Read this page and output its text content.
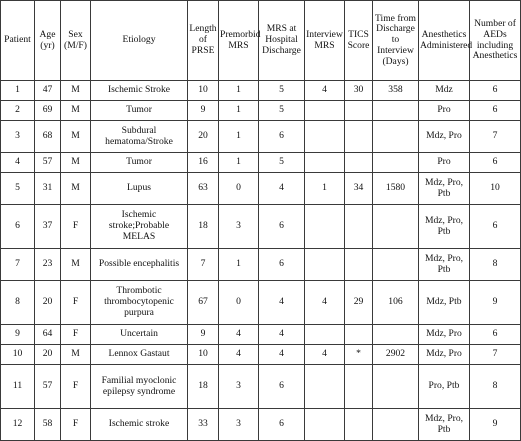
Patient	Age (yr)	Sex (M/F)	Etiology	Length of PRSE	Premorbid MRS	MRS at Hospital Discharge	Interview MRS	TICS Score	Time from Discharge to Interview (Days)	Anesthetics Administered	Number of AEDs including Anesthetics
1	47	M	Ischemic Stroke	10	1	5	4	30	358	Mdz	6
2	69	M	Tumor	9	1	5				Pro	6
3	68	M	Subdural hematoma/Stroke	20	1	6				Mdz, Pro	7
4	57	M	Tumor	16	1	5				Pro	6
5	31	M	Lupus	63	0	4	1	34	1580	Mdz, Pro, Ptb	10
6	37	F	Ischemic stroke;Probable MELAS	18	3	6				Mdz, Pro, Ptb	6
7	23	M	Possible encephalitis	7	1	6				Mdz, Pro, Ptb	8
8	20	F	Thrombotic thrombocytopenic purpura	67	0	4	4	29	106	Mdz, Ptb	9
9	64	F	Uncertain	9	4	4				Mdz, Pro	6
10	20	M	Lennox Gastaut	10	4	4	4	*	2902	Mdz, Pro	7
11	57	F	Familial myoclonic epilepsy syndrome	18	3	6				Pro, Ptb	8
12	58	F	Ischemic stroke	33	3	6				Mdz, Pro, Ptb	9
